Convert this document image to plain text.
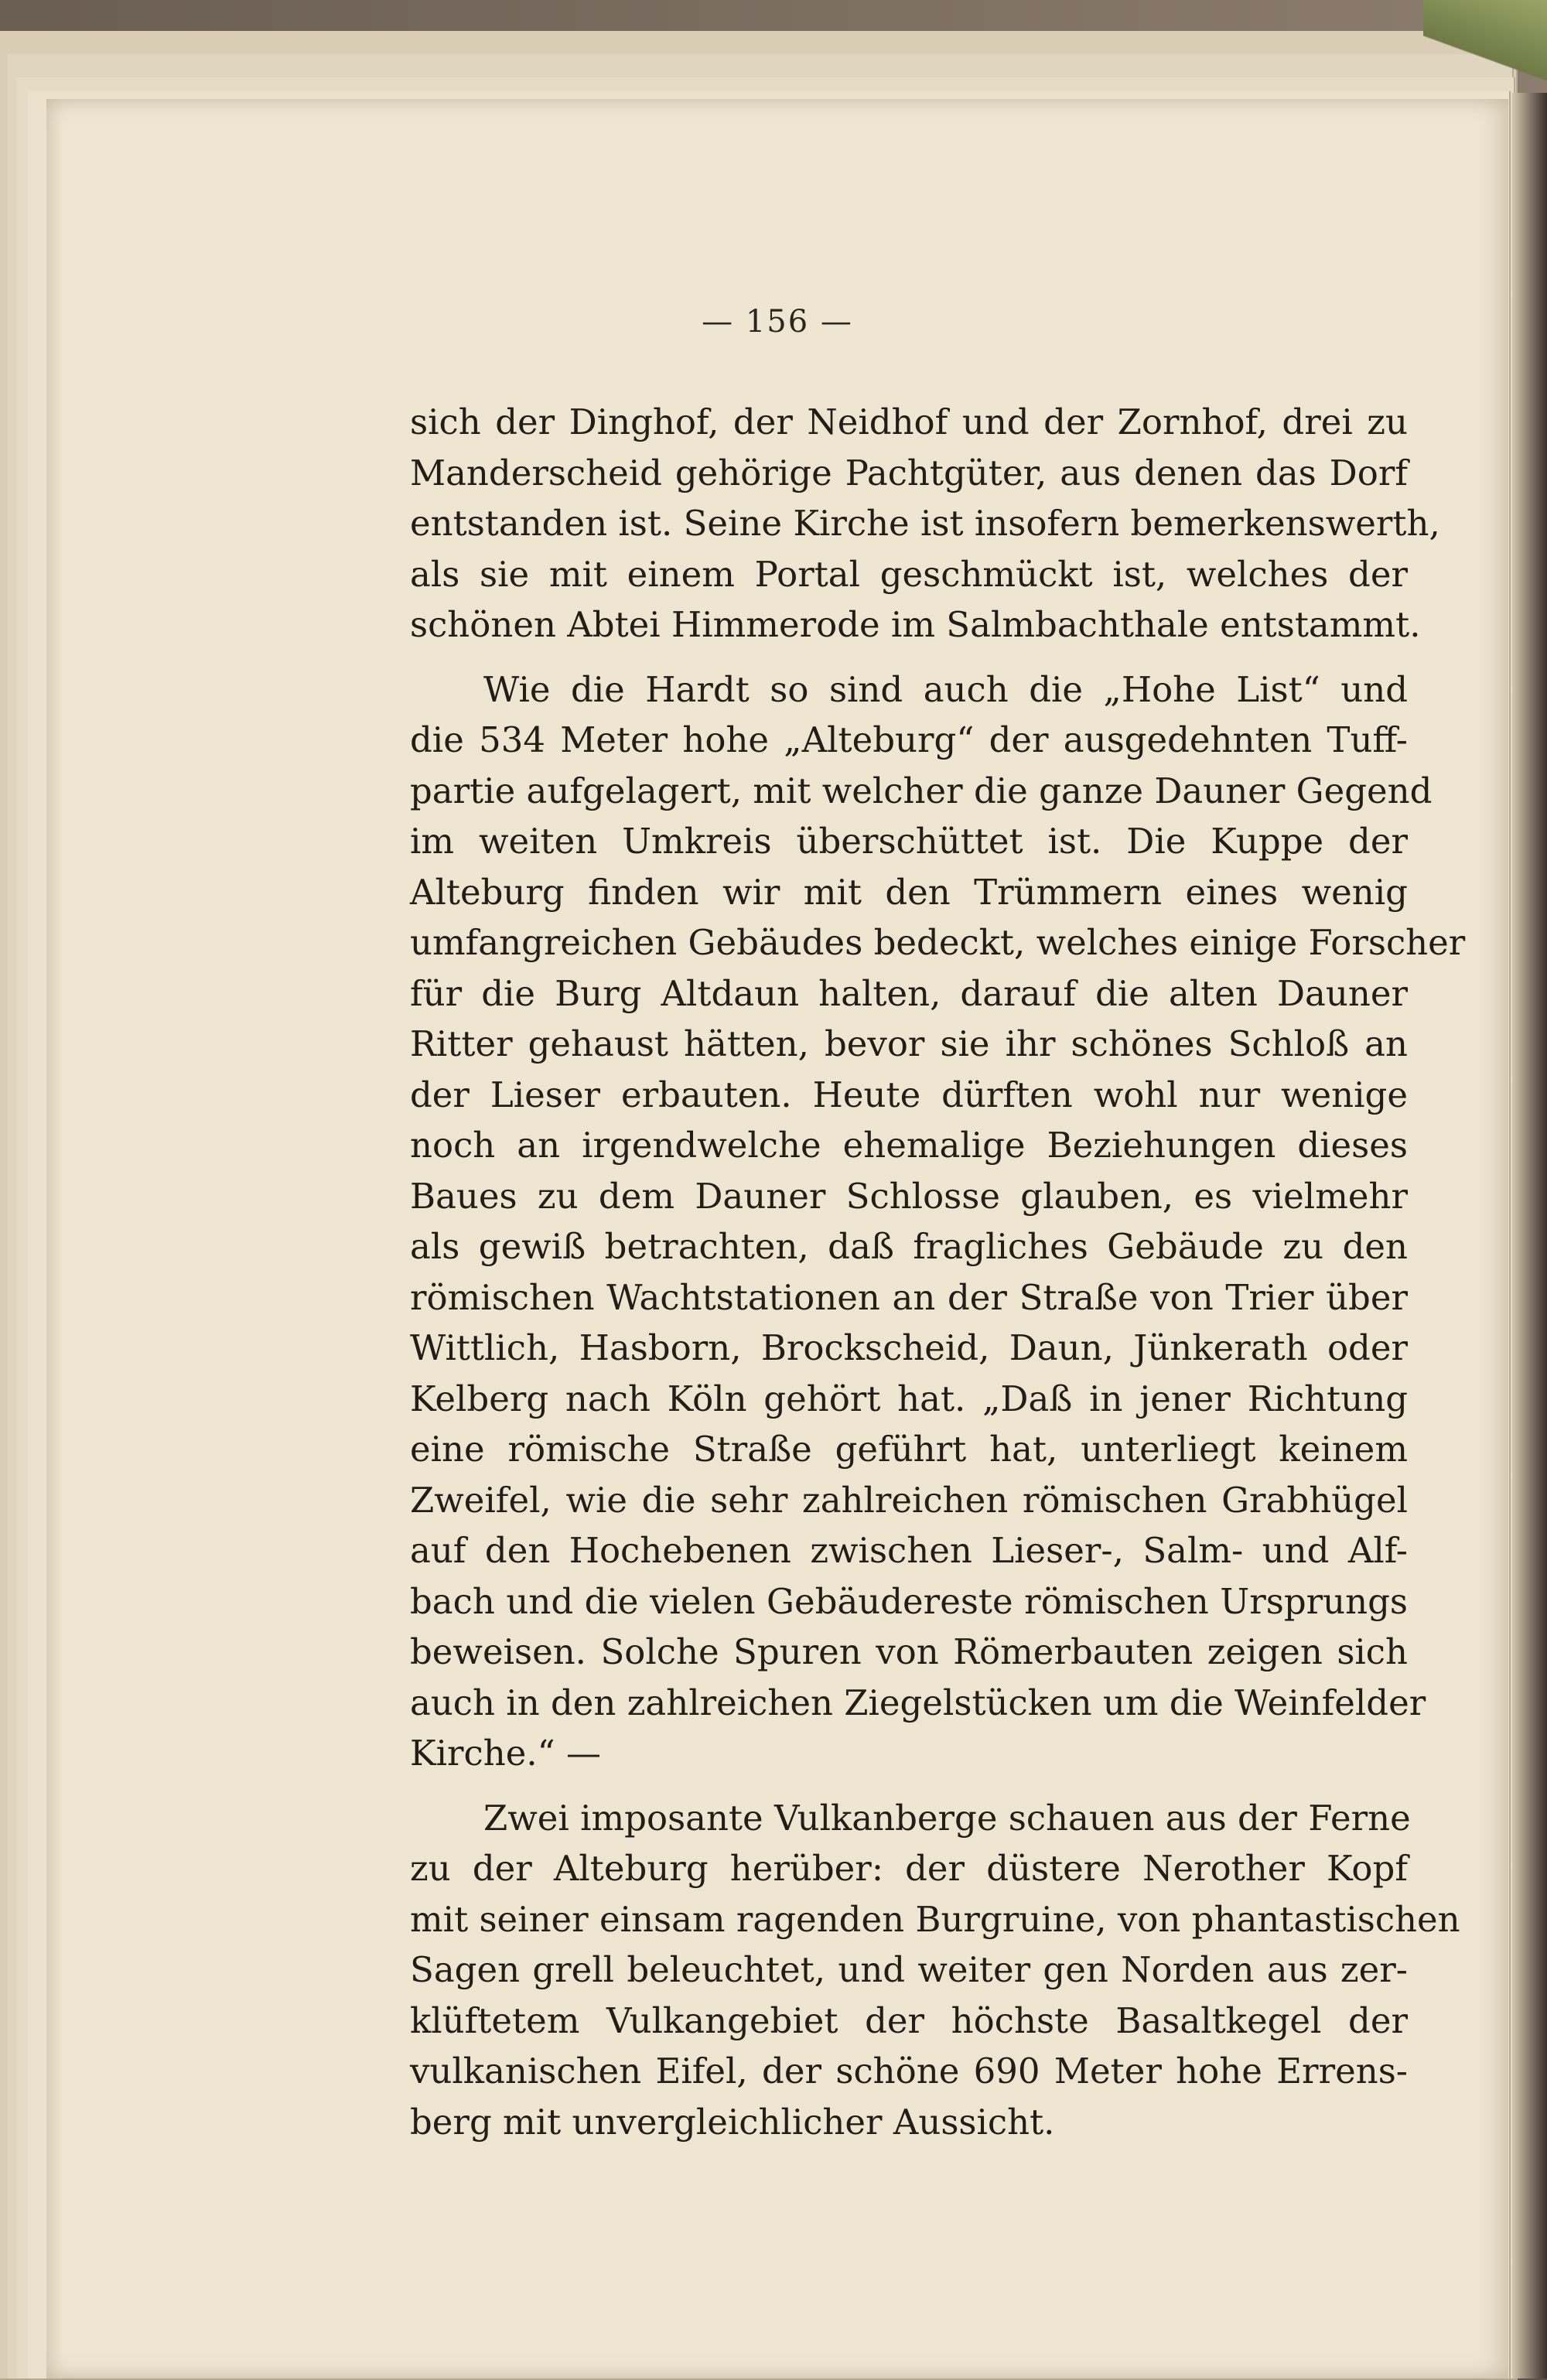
— 156 —
sich der Dinghof, der Neidhof und der Zornhof, drei zu
Manderscheid gehörige Pachtgüter, aus denen das Dorf
entstanden ist. Seine Kirche ist insofern bemerkenswerth,
als sie mit einem Portal geschmückt ist, welches der
schönen Abtei Himmerode im Salmbachthale entstammt.
Wie die Hardt so sind auch die „Hohe List“ und
die 534 Meter hohe „Alteburg“ der ausgedehnten Tuff-
partie aufgelagert, mit welcher die ganze Dauner Gegend
im weiten Umkreis überschüttet ist. Die Kuppe der
Alteburg finden wir mit den Trümmern eines wenig
umfangreichen Gebäudes bedeckt, welches einige Forscher
für die Burg Altdaun halten, darauf die alten Dauner
Ritter gehaust hätten, bevor sie ihr schönes Schloß an
der Lieser erbauten. Heute dürften wohl nur wenige
noch an irgendwelche ehemalige Beziehungen dieses
Baues zu dem Dauner Schlosse glauben, es vielmehr
als gewiß betrachten, daß fragliches Gebäude zu den
römischen Wachtstationen an der Straße von Trier über
Wittlich, Hasborn, Brockscheid, Daun, Jünkerath oder
Kelberg nach Köln gehört hat. „Daß in jener Richtung
eine römische Straße geführt hat, unterliegt keinem
Zweifel, wie die sehr zahlreichen römischen Grabhügel
auf den Hochebenen zwischen Lieser-, Salm- und Alf-
bach und die vielen Gebäudereste römischen Ursprungs
beweisen. Solche Spuren von Römerbauten zeigen sich
auch in den zahlreichen Ziegelstücken um die Weinfelder
Kirche.“ —
Zwei imposante Vulkanberge schauen aus der Ferne
zu der Alteburg herüber: der düstere Nerother Kopf
mit seiner einsam ragenden Burgruine, von phantastischen
Sagen grell beleuchtet, und weiter gen Norden aus zer-
klüftetem Vulkangebiet der höchste Basaltkegel der
vulkanischen Eifel, der schöne 690 Meter hohe Errens-
berg mit unvergleichlicher Aussicht.
